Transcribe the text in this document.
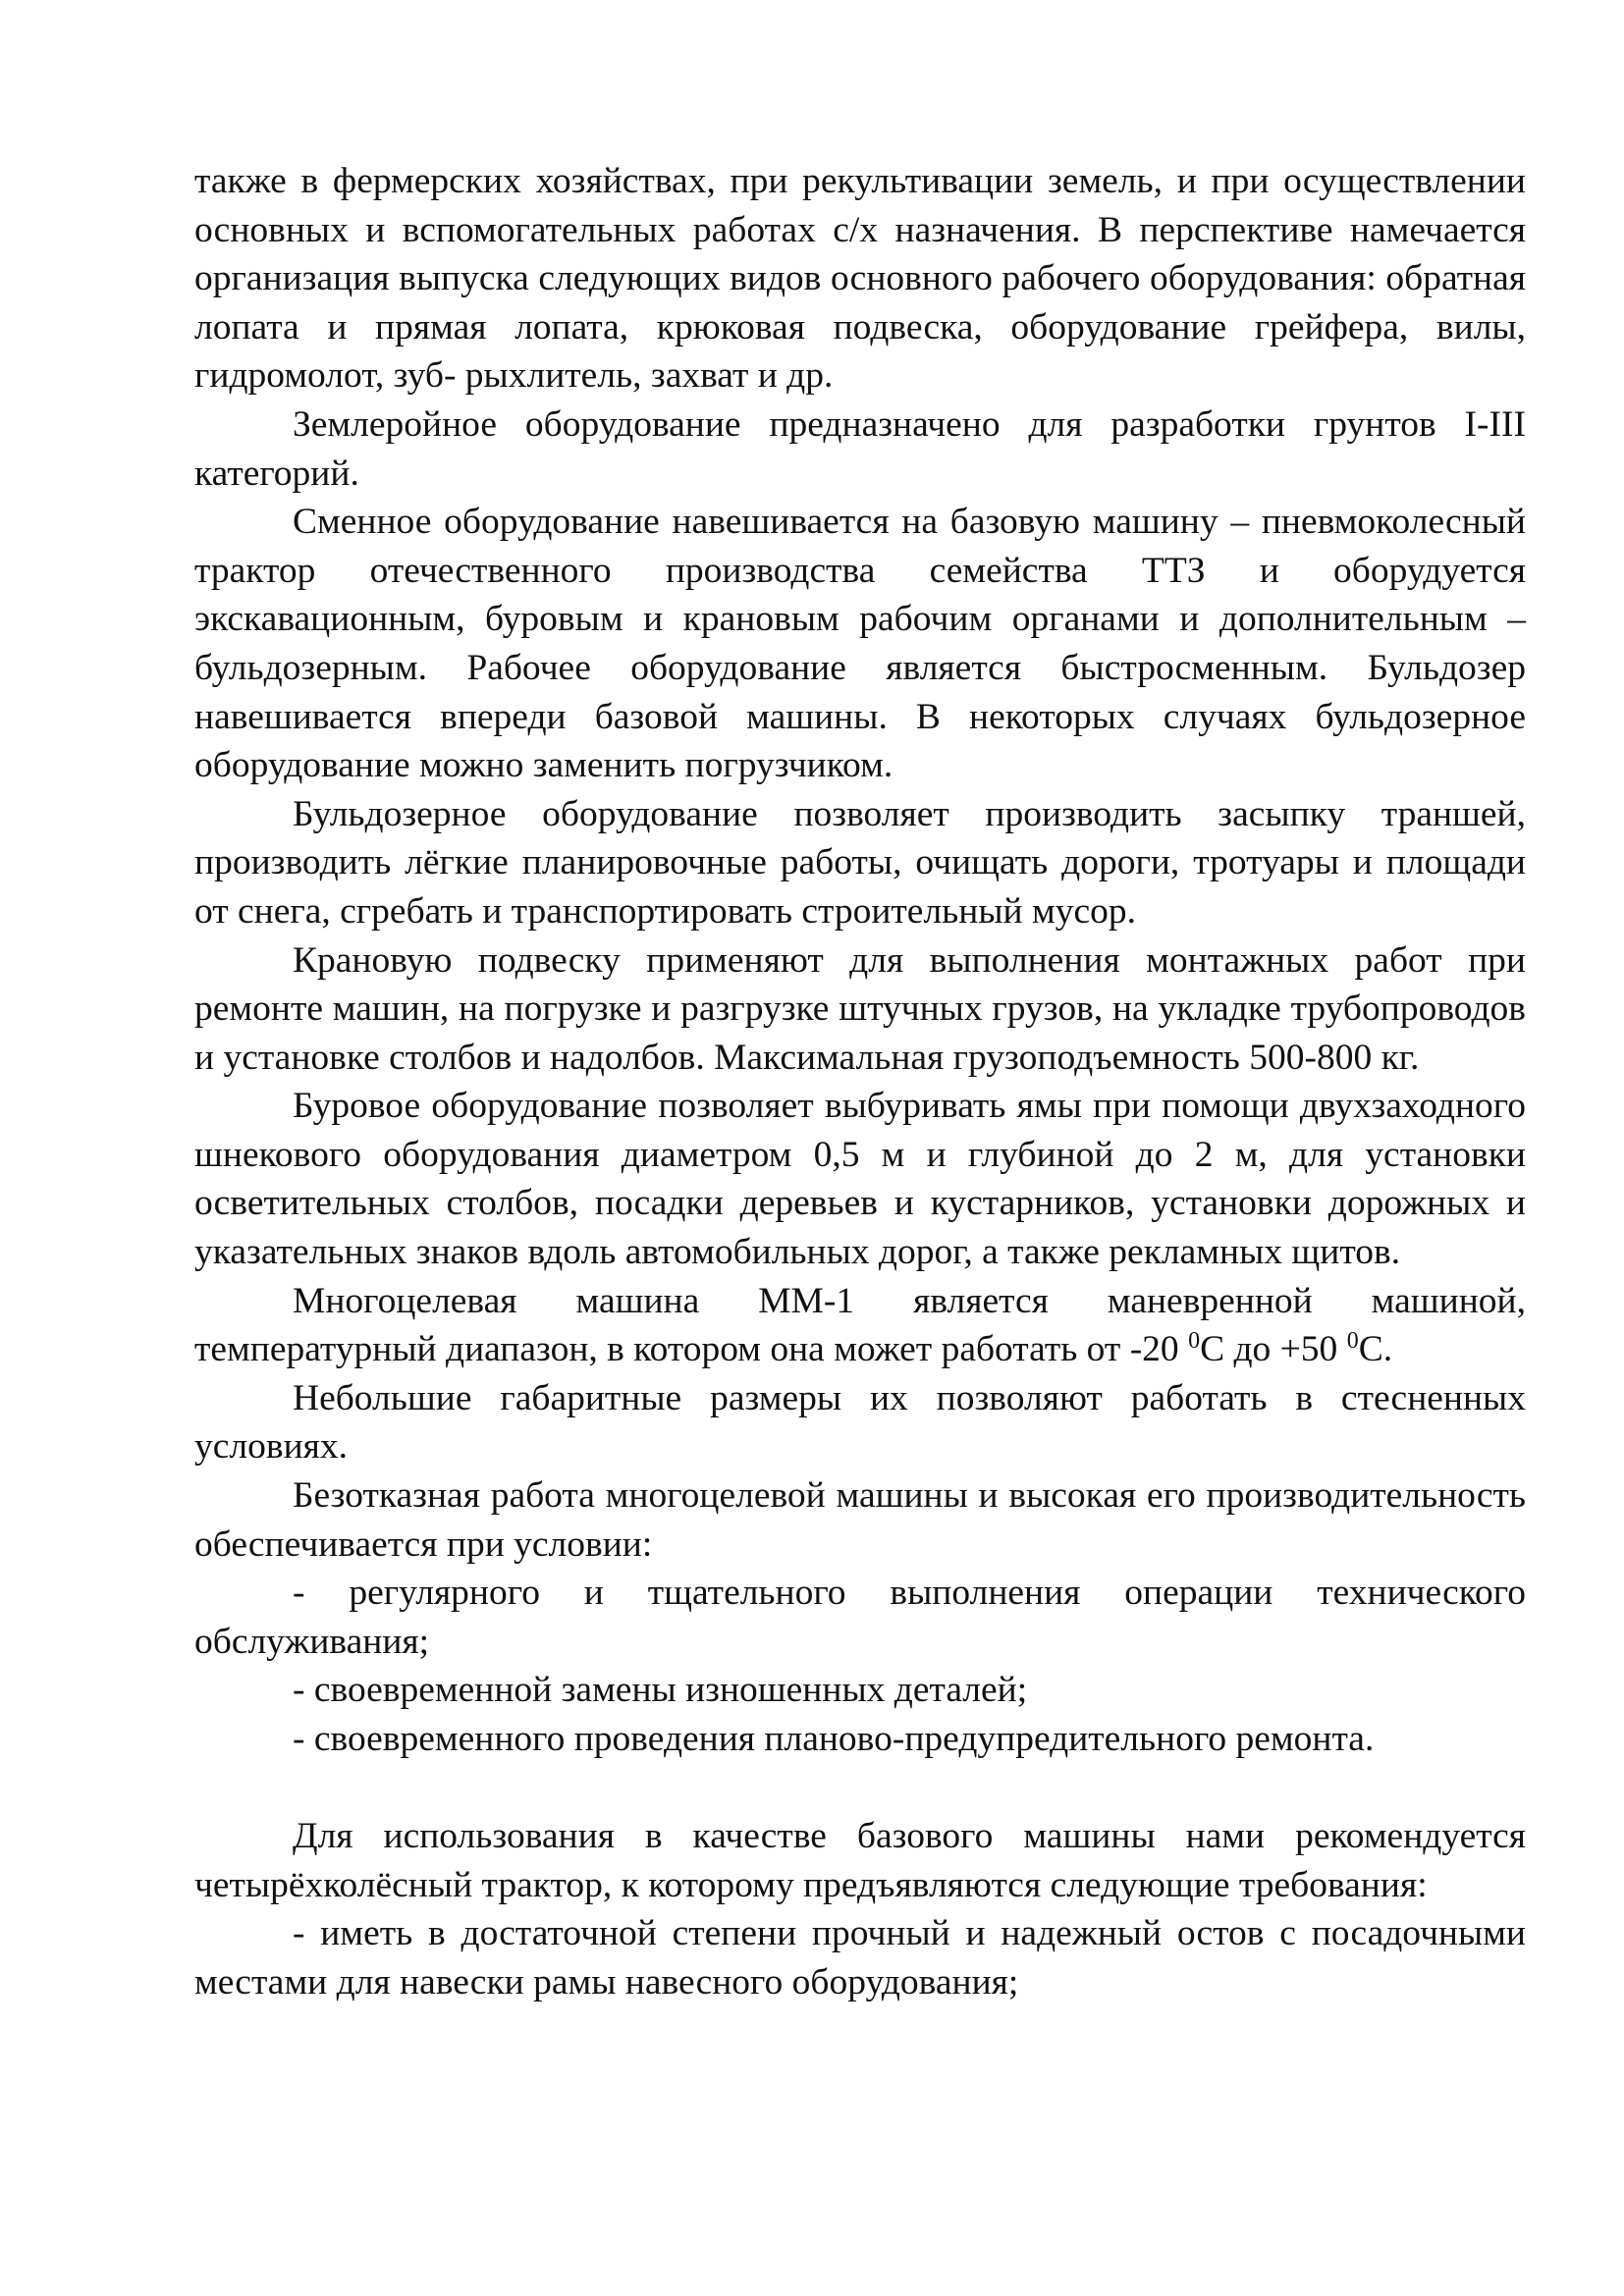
также в фермерских хозяйствах, при рекультивации земель, и при осуществлении основных и вспомогательных работах с/х назначения. В перспективе намечается организация выпуска следующих видов основного рабочего оборудования: обратная лопата и прямая лопата, крюковая подвеска, оборудование грейфера, вилы, гидромолот, зуб- рыхлитель, захват и др.

Землеройное оборудование предназначено для разработки грунтов I-III категорий.

Сменное оборудование навешивается на базовую машину – пневмоколесный трактор отечественного производства семейства ТТЗ и оборудуется экскавационным, буровым и крановым рабочим органами и дополнительным – бульдозерным. Рабочее оборудование является быстросменным. Бульдозер навешивается впереди базовой машины. В некоторых случаях бульдозерное оборудование можно заменить погрузчиком.

Бульдозерное оборудование позволяет производить засыпку траншей, производить лёгкие планировочные работы, очищать дороги, тротуары и площади от снега, сгребать и транспортировать строительный мусор.

Крановую подвеску применяют для выполнения монтажных работ при ремонте машин, на погрузке и разгрузке штучных грузов, на укладке трубопроводов и установке столбов и надолбов. Максимальная грузоподъемность 500-800 кг.

Буровое оборудование позволяет выбуривать ямы при помощи двухзаходного шнекового оборудования диаметром 0,5 м и глубиной до 2 м, для установки осветительных столбов, посадки деревьев и кустарников, установки дорожных и указательных знаков вдоль автомобильных дорог, а также рекламных щитов.

Многоцелевая машина ММ-1 является маневренной машиной, температурный диапазон, в котором она может работать от -20 $^0$С до +50 $^0$С.

Небольшие габаритные размеры их позволяют работать в стесненных условиях.

Безотказная работа многоцелевой машины и высокая его производительность обеспечивается при условии:

- регулярного и тщательного выполнения операции технического обслуживания;

- своевременной замены изношенных деталей;

- своевременного проведения планово-предупредительного ремонта.

Для использования в качестве базового машины нами рекомендуется четырёхколёсный трактор, к которому предъявляются следующие требования:

- иметь в достаточной степени прочный и надежный остов с посадочными местами для навески рамы навесного оборудования;
